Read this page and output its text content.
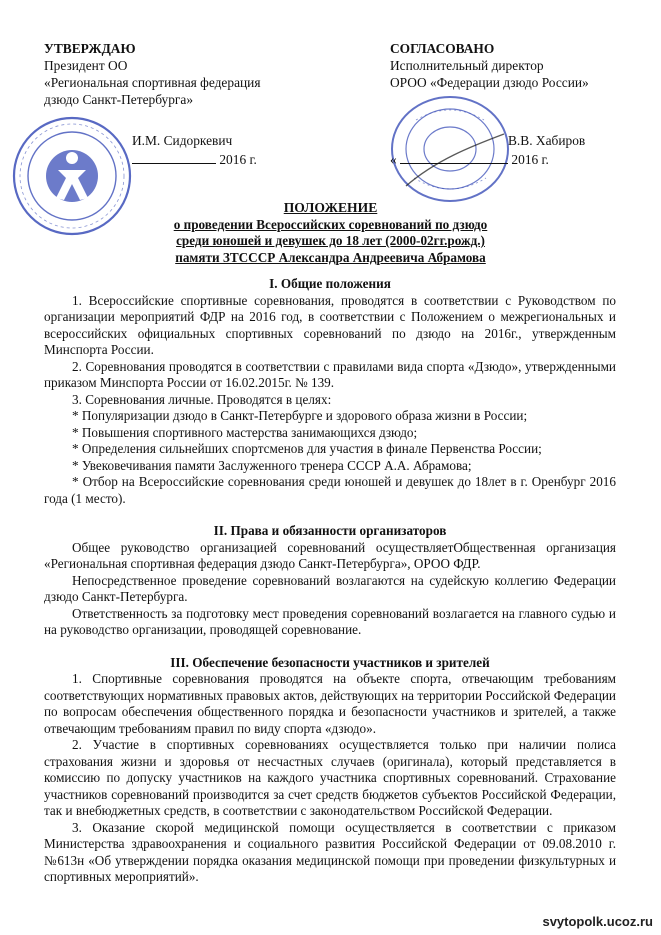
УТВЕРЖДАЮ
Президент ОО
«Региональная спортивная федерация
дзюдо Санкт-Петербурга»
И.М. Сидоркевич
2016 г.
СОГЛАСОВАНО
Исполнительный директор
ОРОО «Федерации дзюдо России»
В.В. Хабиров
«	2016 г.
ПОЛОЖЕНИЕ
о проведении Всероссийских соревнований по дзюдо
среди юношей и девушек до 18 лет (2000-02гг.рожд.)
памяти ЗТСССР Александра Андреевича Абрамова

I. Общие положения

1. Всероссийские спортивные соревнования, проводятся в соответствии с Руководством по организации мероприятий ФДР на 2016 год, в соответствии с Положением о межрегиональных и всероссийских официальных спортивных соревнований по дзюдо на 2016г., утвержденным Минспорта России.

2. Соревнования проводятся в соответствии с правилами вида спорта «Дзюдо», утвержденными приказом Минспорта России от 16.02.2015г. № 139.

3. Соревнования личные. Проводятся в целях:

* Популяризации дзюдо в Санкт-Петербурге и здорового образа жизни в России;

* Повышения спортивного мастерства занимающихся дзюдо;

* Определения сильнейших спортсменов для участия в финале Первенства России;

* Увековечивания памяти Заслуженного тренера СССР А.А. Абрамова;

* Отбор на Всероссийские соревнования среди юношей и девушек до 18лет в г. Оренбург 2016 года (1 место).

II. Права и обязанности организаторов

Общее руководство организацией соревнований осуществляетОбщественная организация «Региональная спортивная федерация дзюдо Санкт-Петербурга», ОРОО ФДР.

Непосредственное проведение соревнований возлагаются на судейскую коллегию Федерации дзюдо Санкт-Петербурга.

Ответственность за подготовку мест проведения соревнований возлагается на главного судью и на руководство организации, проводящей соревнование.

III. Обеспечение безопасности участников и зрителей

1. Спортивные соревнования проводятся на объекте спорта, отвечающим требованиям соответствующих нормативных правовых актов, действующих на территории Российской Федерации по вопросам обеспечения общественного порядка и безопасности участников и зрителей, а также отвечающим требованиям правил по виду спорта «дзюдо».

2. Участие в спортивных соревнованиях осуществляется только при наличии полиса страхования жизни и здоровья от несчастных случаев (оригинала), который представляется в комиссию по допуску участников на каждого участника спортивных соревнований. Страхование участников соревнований производится за счет средств бюджетов субъектов Российской Федерации, так и внебюджетных средств, в соответствии с законодательством Российской Федерации.

3. Оказание скорой медицинской помощи осуществляется в соответствии с приказом Министерства здравоохранения и социального развития Российской Федерации от 09.08.2010 г. №613н «Об утверждении порядка оказания медицинской помощи при проведении физкультурных и спортивных мероприятий».

svytopolk.ucoz.ru
